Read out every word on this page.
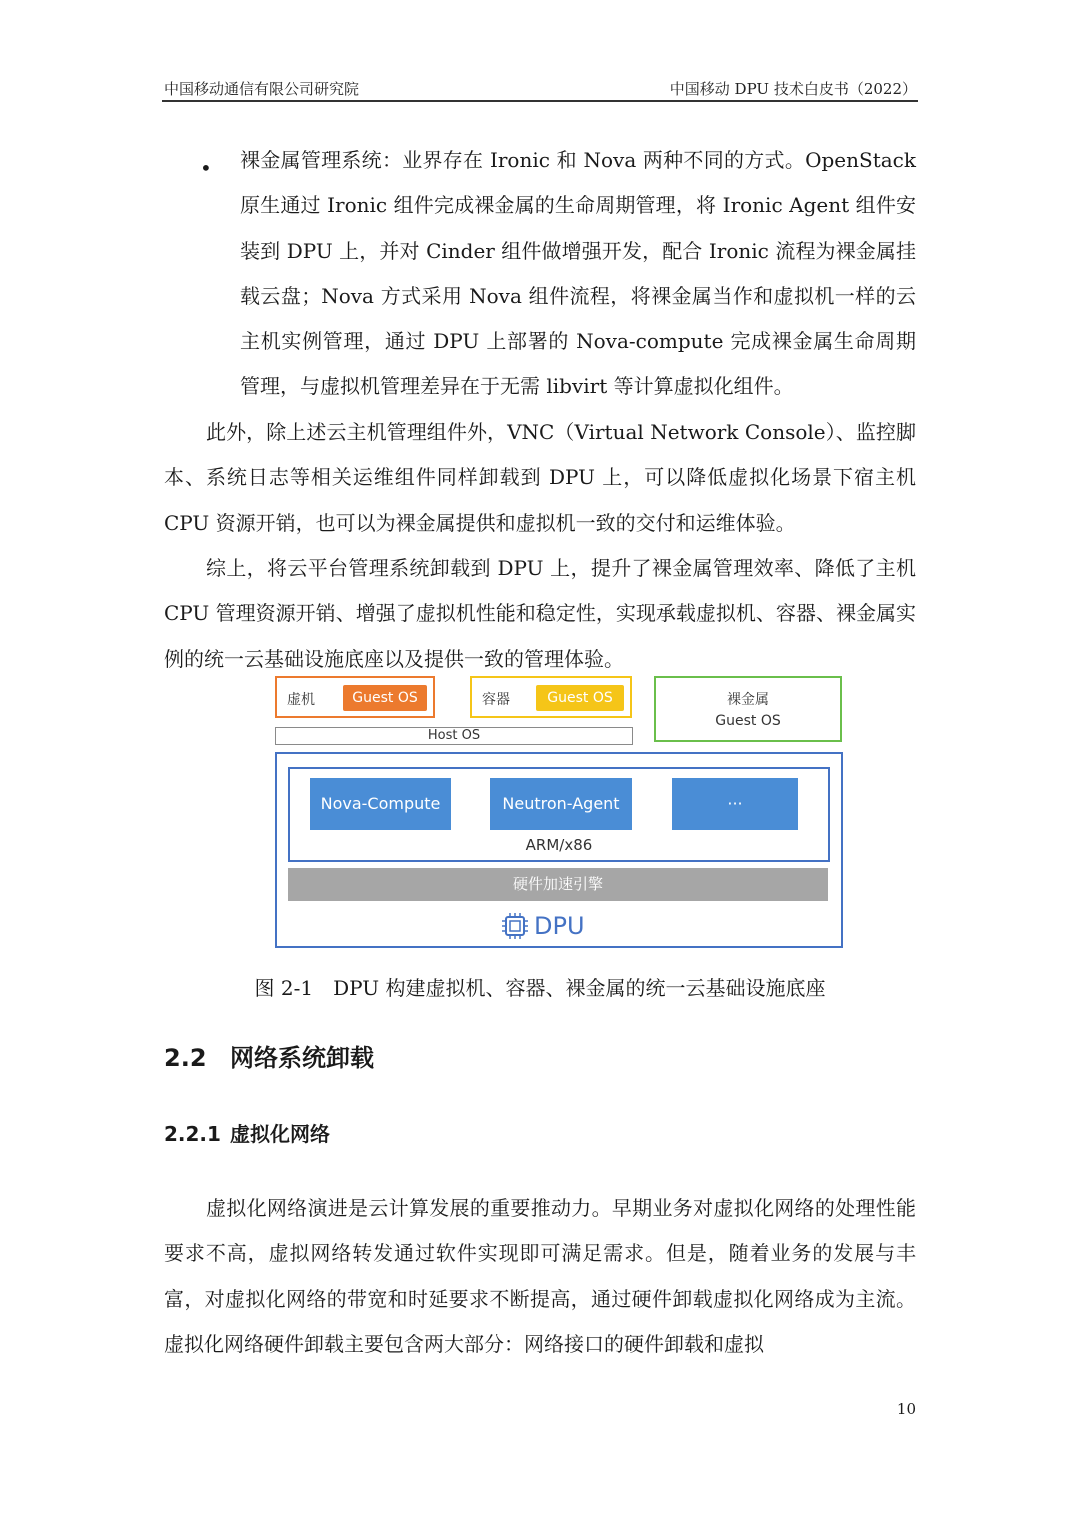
中国移动通信有限公司研究院	中国移动 DPU 技术白皮书（2022）
• 裸金属管理系统：业界存在 Ironic 和 Nova 两种不同的方式。OpenStack 原生通过 Ironic 组件完成裸金属的生命周期管理，将 Ironic Agent 组件安装到 DPU 上，并对 Cinder 组件做增强开发，配合 Ironic 流程为裸金属挂载云盘；Nova 方式采用 Nova 组件流程，将裸金属当作和虚拟机一样的云主机实例管理，通过 DPU 上部署的 Nova-compute 完成裸金属生命周期管理，与虚拟机管理差异在于无需 libvirt 等计算虚拟化组件。

此外，除上述云主机管理组件外，VNC（Virtual Network Console）、监控脚本、系统日志等相关运维组件同样卸载到 DPU 上，可以降低虚拟化场景下宿主机 CPU 资源开销，也可以为裸金属提供和虚拟机一致的交付和运维体验。

综上，将云平台管理系统卸载到 DPU 上，提升了裸金属管理效率、降低了主机 CPU 管理资源开销、增强了虚拟机性能和稳定性，实现承载虚拟机、容器、裸金属实例的统一云基础设施底座以及提供一致的管理体验。

虚机	Guest OS	容器	Guest OS	裸金属
Guest OS
Host OS
Nova-Compute	Neutron-Agent	···
ARM/x86
硬件加速引擎
DPU
图 2-1　DPU 构建虚拟机、容器、裸金属的统一云基础设施底座
2.2 网络系统卸载
2.2.1 虚拟化网络

虚拟化网络演进是云计算发展的重要推动力。早期业务对虚拟化网络的处理性能要求不高，虚拟网络转发通过软件实现即可满足需求。但是，随着业务的发展与丰富，对虚拟化网络的带宽和时延要求不断提高，通过硬件卸载虚拟化网络成为主流。虚拟化网络硬件卸载主要包含两大部分：网络接口的硬件卸载和虚拟

10
